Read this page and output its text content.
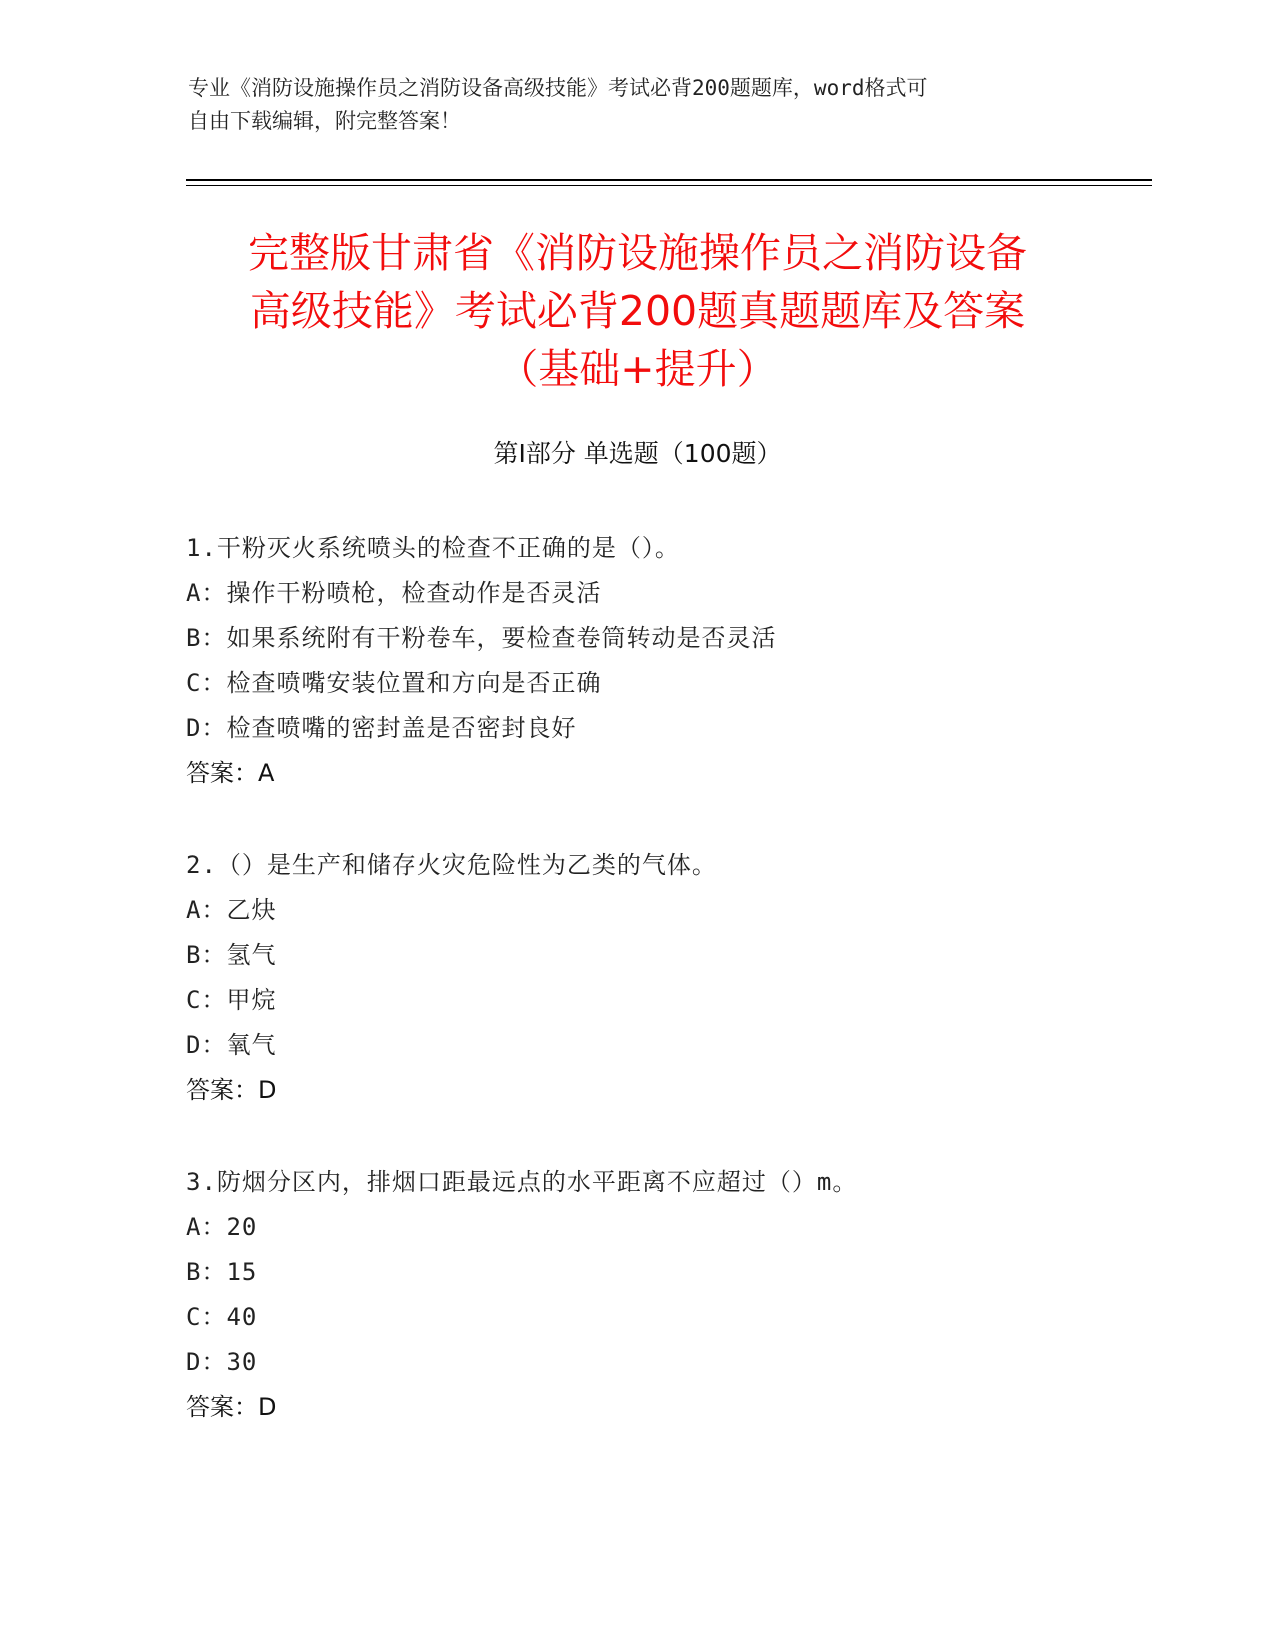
专业《消防设施操作员之消防设备高级技能》考试必背200题题库，word格式可
自由下载编辑，附完整答案！
完整版甘肃省《消防设施操作员之消防设备
高级技能》考试必背200题真题题库及答案
（基础+提升）
第Ⅰ部分 单选题（100题）
1.干粉灭火系统喷头的检查不正确的是（）。
A：操作干粉喷枪，检查动作是否灵活
B：如果系统附有干粉卷车，要检查卷筒转动是否灵活
C：检查喷嘴安装位置和方向是否正确
D：检查喷嘴的密封盖是否密封良好
答案：A
2.（）是生产和储存火灾危险性为乙类的气体。
A：乙炔
B：氢气
C：甲烷
D：氧气
答案：D
3.防烟分区内，排烟口距最远点的水平距离不应超过（）m。
A：20
B：15
C：40
D：30
答案：D
